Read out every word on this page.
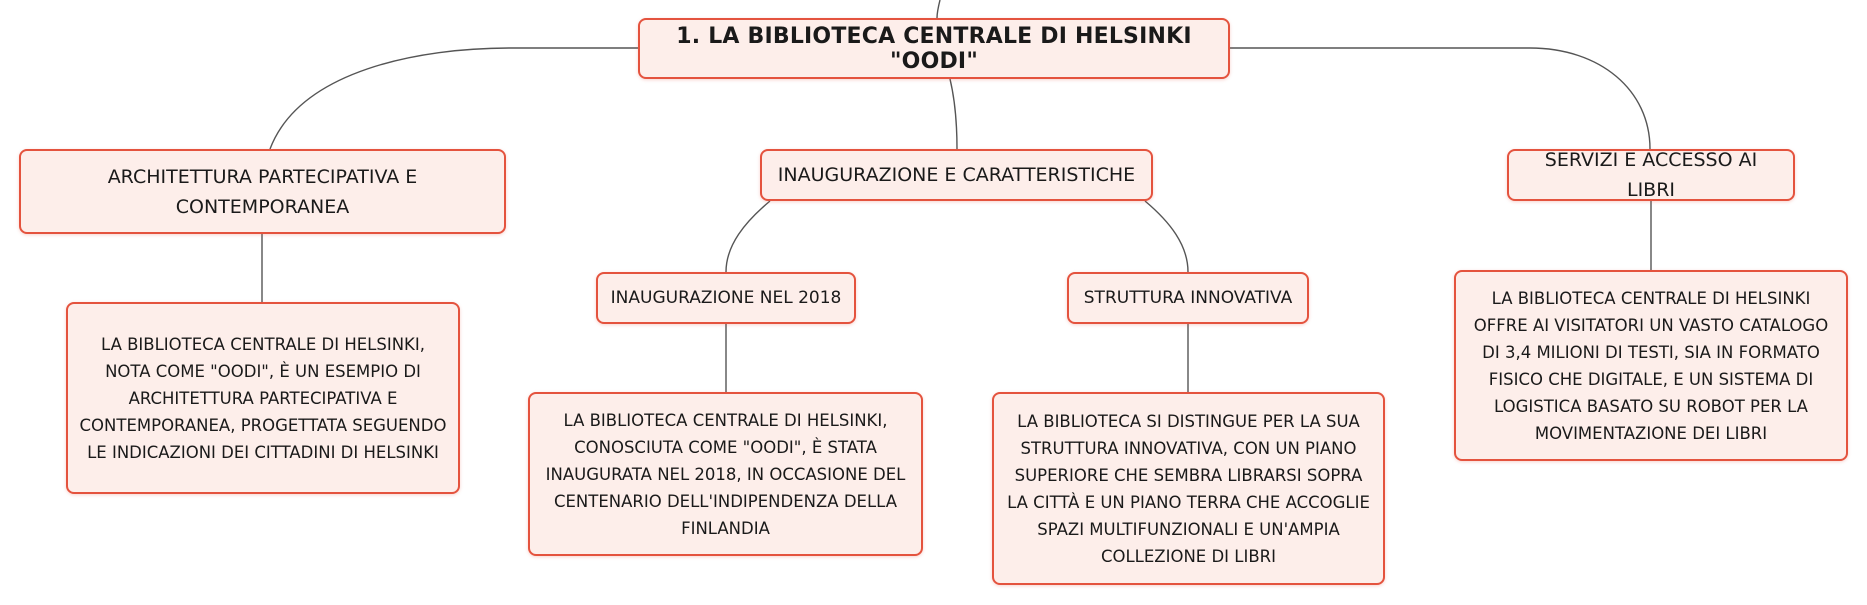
1. LA BIBLIOTECA CENTRALE DI HELSINKI "OODI"
ARCHITETTURA PARTECIPATIVA E CONTEMPORANEA
INAUGURAZIONE E CARATTERISTICHE
SERVIZI E ACCESSO AI LIBRI
INAUGURAZIONE NEL 2018	STRUTTURA INNOVATIVA
LA BIBLIOTECA CENTRALE DI HELSINKI, NOTA COME "OODI", È UN ESEMPIO DI ARCHITETTURA PARTECIPATIVA E CONTEMPORANEA, PROGETTATA SEGUENDO LE INDICAZIONI DEI CITTADINI DI HELSINKI
LA BIBLIOTECA CENTRALE DI HELSINKI, CONOSCIUTA COME "OODI", È STATA INAUGURATA NEL 2018, IN OCCASIONE DEL CENTENARIO DELL'INDIPENDENZA DELLA FINLANDIA
LA BIBLIOTECA SI DISTINGUE PER LA SUA STRUTTURA INNOVATIVA, CON UN PIANO SUPERIORE CHE SEMBRA LIBRARSI SOPRA LA CITTÀ E UN PIANO TERRA CHE ACCOGLIE SPAZI MULTIFUNZIONALI E UN'AMPIA COLLEZIONE DI LIBRI
LA BIBLIOTECA CENTRALE DI HELSINKI OFFRE AI VISITATORI UN VASTO CATALOGO DI 3,4 MILIONI DI TESTI, SIA IN FORMATO FISICO CHE DIGITALE, E UN SISTEMA DI LOGISTICA BASATO SU ROBOT PER LA MOVIMENTAZIONE DEI LIBRI
